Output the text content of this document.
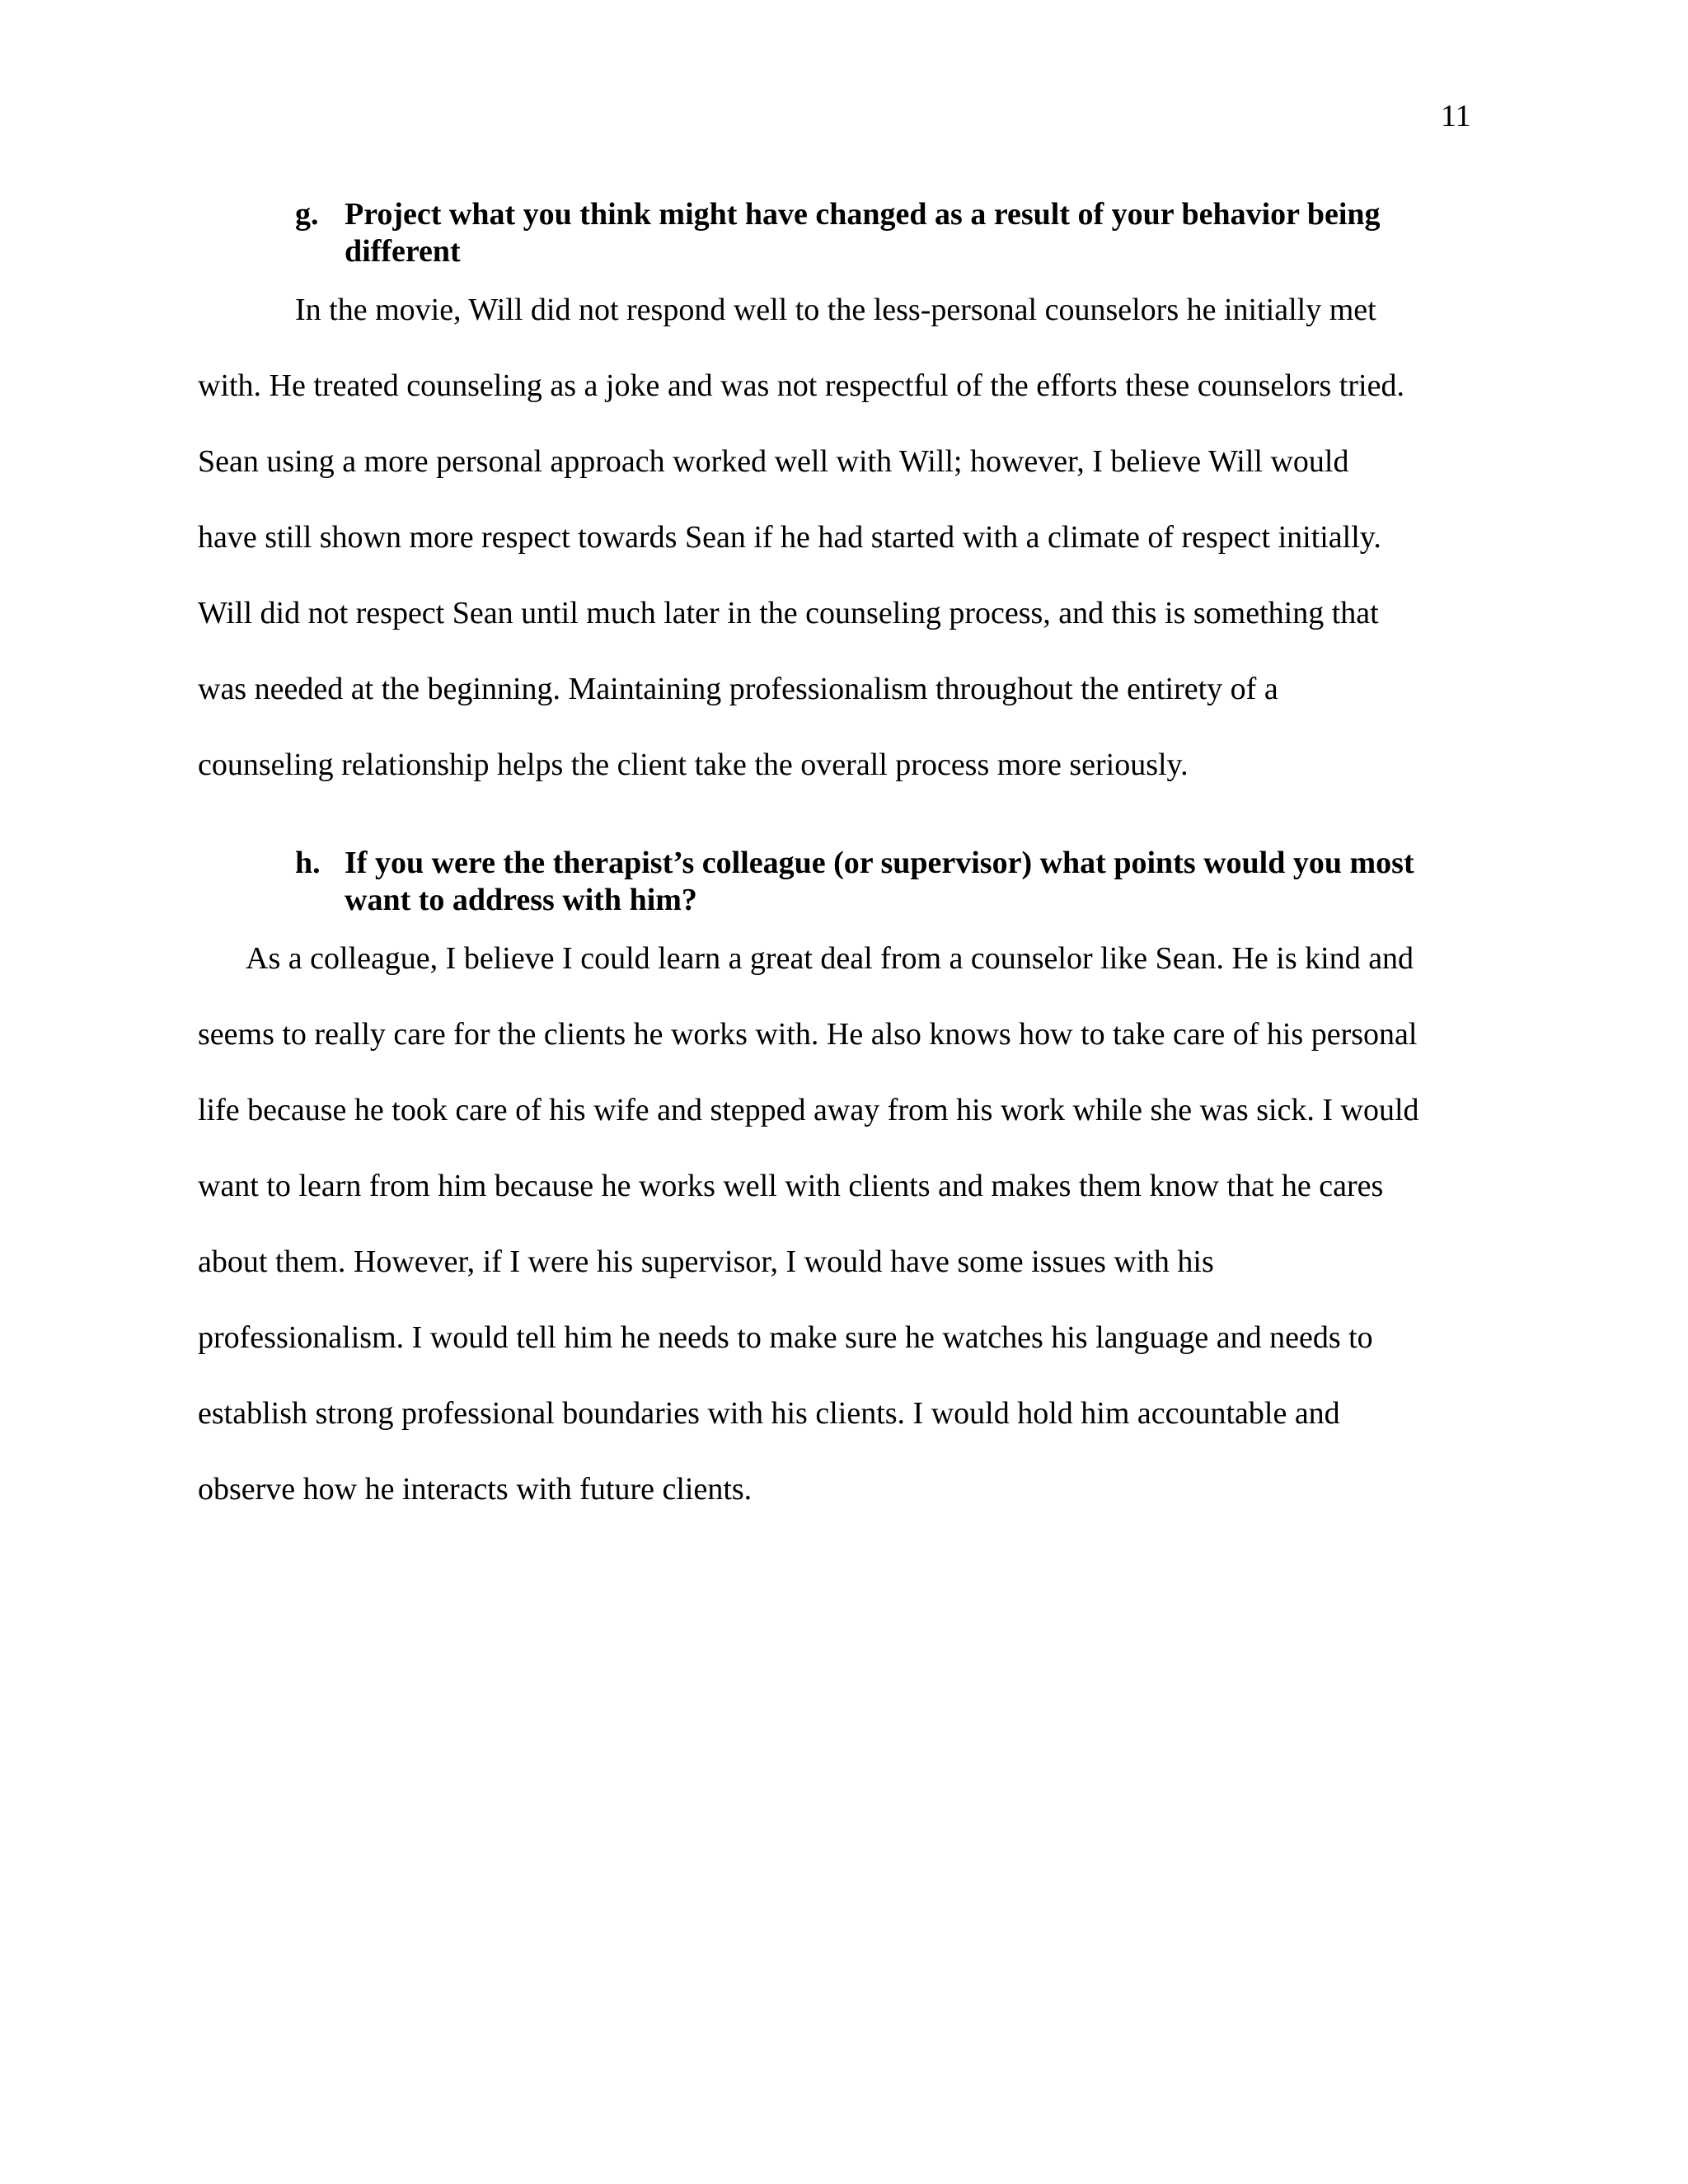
11
g. Project what you think might have changed as a result of your behavior being
different
In the movie, Will did not respond well to the less-personal counselors he initially met
with. He treated counseling as a joke and was not respectful of the efforts these counselors tried.
Sean using a more personal approach worked well with Will; however, I believe Will would
have still shown more respect towards Sean if he had started with a climate of respect initially.
Will did not respect Sean until much later in the counseling process, and this is something that
was needed at the beginning. Maintaining professionalism throughout the entirety of a
counseling relationship helps the client take the overall process more seriously.
h. If you were the therapist’s colleague (or supervisor) what points would you most
want to address with him?
As a colleague, I believe I could learn a great deal from a counselor like Sean. He is kind and
seems to really care for the clients he works with. He also knows how to take care of his personal
life because he took care of his wife and stepped away from his work while she was sick. I would
want to learn from him because he works well with clients and makes them know that he cares
about them. However, if I were his supervisor, I would have some issues with his
professionalism. I would tell him he needs to make sure he watches his language and needs to
establish strong professional boundaries with his clients. I would hold him accountable and
observe how he interacts with future clients.
